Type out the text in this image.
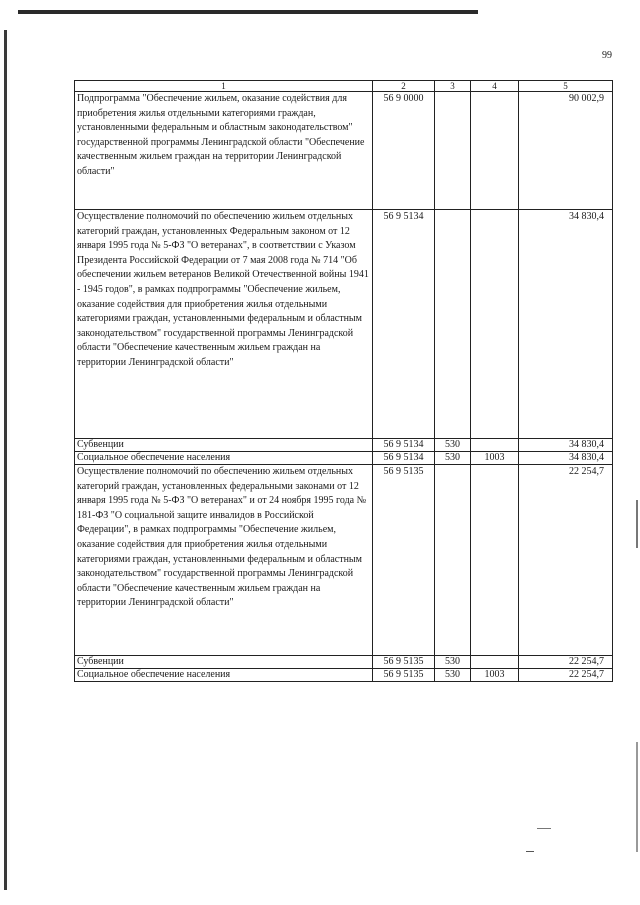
99
1	2	3	4	5
Подпрограмма "Обеспечение жильем, оказание содействия для приобретения жилья отдельными категориями граждан, установленными федеральным и областным законодательством" государственной программы Ленинградской области "Обеспечение качественным жильем граждан на территории Ленинградской области"	56 9 0000			90 002,9
Осуществление полномочий по обеспечению жильем отдельных категорий граждан, установленных Федеральным законом от 12 января 1995 года № 5-ФЗ "О ветеранах", в соответствии с Указом Президента Российской Федерации от 7 мая 2008 года № 714 "Об обеспечении жильем ветеранов Великой Отечественной войны 1941 - 1945 годов", в рамках подпрограммы "Обеспечение жильем, оказание содействия для приобретения жилья отдельными категориями граждан, установленными федеральным и областным законодательством" государственной программы Ленинградской области "Обеспечение качественным жильем граждан на территории Ленинградской области"	56 9 5134			34 830,4
Субвенции	56 9 5134	530		34 830,4
Социальное обеспечение населения	56 9 5134	530	1003	34 830,4
Осуществление полномочий по обеспечению жильем отдельных категорий граждан, установленных федеральными законами от 12 января 1995 года № 5-ФЗ "О ветеранах" и от 24 ноября 1995 года № 181-ФЗ "О социальной защите инвалидов в Российской Федерации", в рамках подпрограммы "Обеспечение жильем, оказание содействия для приобретения жилья отдельными категориями граждан, установленными федеральным и областным законодательством" государственной программы Ленинградской области "Обеспечение качественным жильем граждан на территории Ленинградской области"	56 9 5135			22 254,7
Субвенции	56 9 5135	530		22 254,7
Социальное обеспечение населения	56 9 5135	530	1003	22 254,7
